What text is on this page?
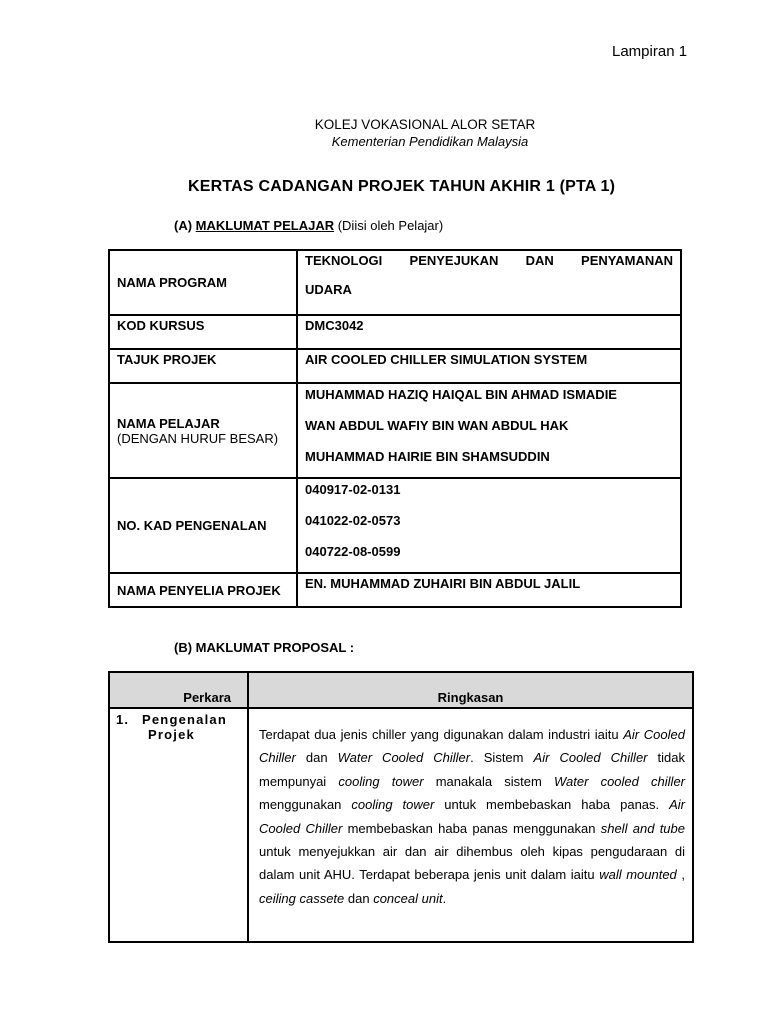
Lampiran 1
KOLEJ VOKASIONAL ALOR SETAR
Kementerian Pendidikan Malaysia
KERTAS CADANGAN PROJEK TAHUN AKHIR 1 (PTA 1)
(A) MAKLUMAT PELAJAR (Diisi oleh Pelajar)
NAMA PROGRAM	TEKNOLOGI PENYEJUKAN DAN PENYAMANAN
UDARA

KOD KURSUS	DMC3042
TAJUK PROJEK	AIR COOLED CHILLER SIMULATION SYSTEM
NAMA PELAJAR
(DENGAN HURUF BESAR)	MUHAMMAD HAZIQ HAIQAL BIN AHMAD ISMADIE
WAN ABDUL WAFIY BIN WAN ABDUL HAK
MUHAMMAD HAIRIE BIN SHAMSUDDIN

NO. KAD PENGENALAN	040917-02-0131
041022-02-0573
040722-08-0599

NAMA PENYELIA PROJEK	EN. MUHAMMAD ZUHAIRI BIN ABDUL JALIL
(B) MAKLUMAT PROPOSAL :
Perkara	Ringkasan
1. Pengenalan
Projek	Terdapat dua jenis chiller yang digunakan dalam industri iaitu Air Cooled Chiller dan Water Cooled Chiller. Sistem Air Cooled Chiller tidak mempunyai cooling tower manakala sistem Water cooled chiller menggunakan cooling tower untuk membebaskan haba panas. Air Cooled Chiller membebaskan haba panas menggunakan shell and tube untuk menyejukkan air dan air dihembus oleh kipas pengudaraan di dalam unit AHU. Terdapat beberapa jenis unit dalam iaitu wall mounted , ceiling cassete dan conceal unit.
